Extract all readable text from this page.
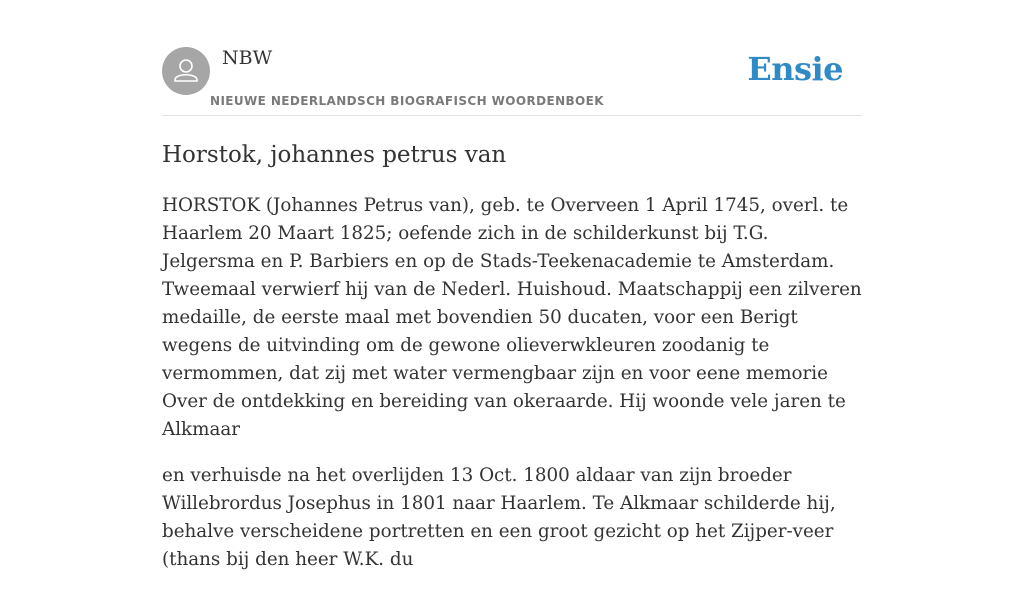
NBW
NIEUWE NEDERLANDSCH BIOGRAFISCH WOORDENBOEK
Ensie
Horstok, johannes petrus van

HORSTOK (Johannes Petrus van), geb. te Overveen 1 April 1745, overl. te Haarlem 20 Maart 1825; oefende zich in de schilderkunst bij T.G. Jelgersma en P. Barbiers en op de Stads-Teekenacademie te Amsterdam. Tweemaal verwierf hij van de Nederl. Huishoud. Maatschappij een zilveren medaille, de eerste maal met bovendien 50 ducaten, voor een Berigt wegens de uitvinding om de gewone olieverwkleuren zoodanig te vermommen, dat zij met water vermengbaar zijn en voor eene memorie Over de ontdekking en bereiding van okeraarde. Hij woonde vele jaren te Alkmaar

en verhuisde na het overlijden 13 Oct. 1800 aldaar van zijn broeder Willebrordus Josephus in 1801 naar Haarlem. Te Alkmaar schilderde hij, behalve verscheidene portretten en een groot gezicht op het Zijper-veer (thans bij den heer W.K. du
